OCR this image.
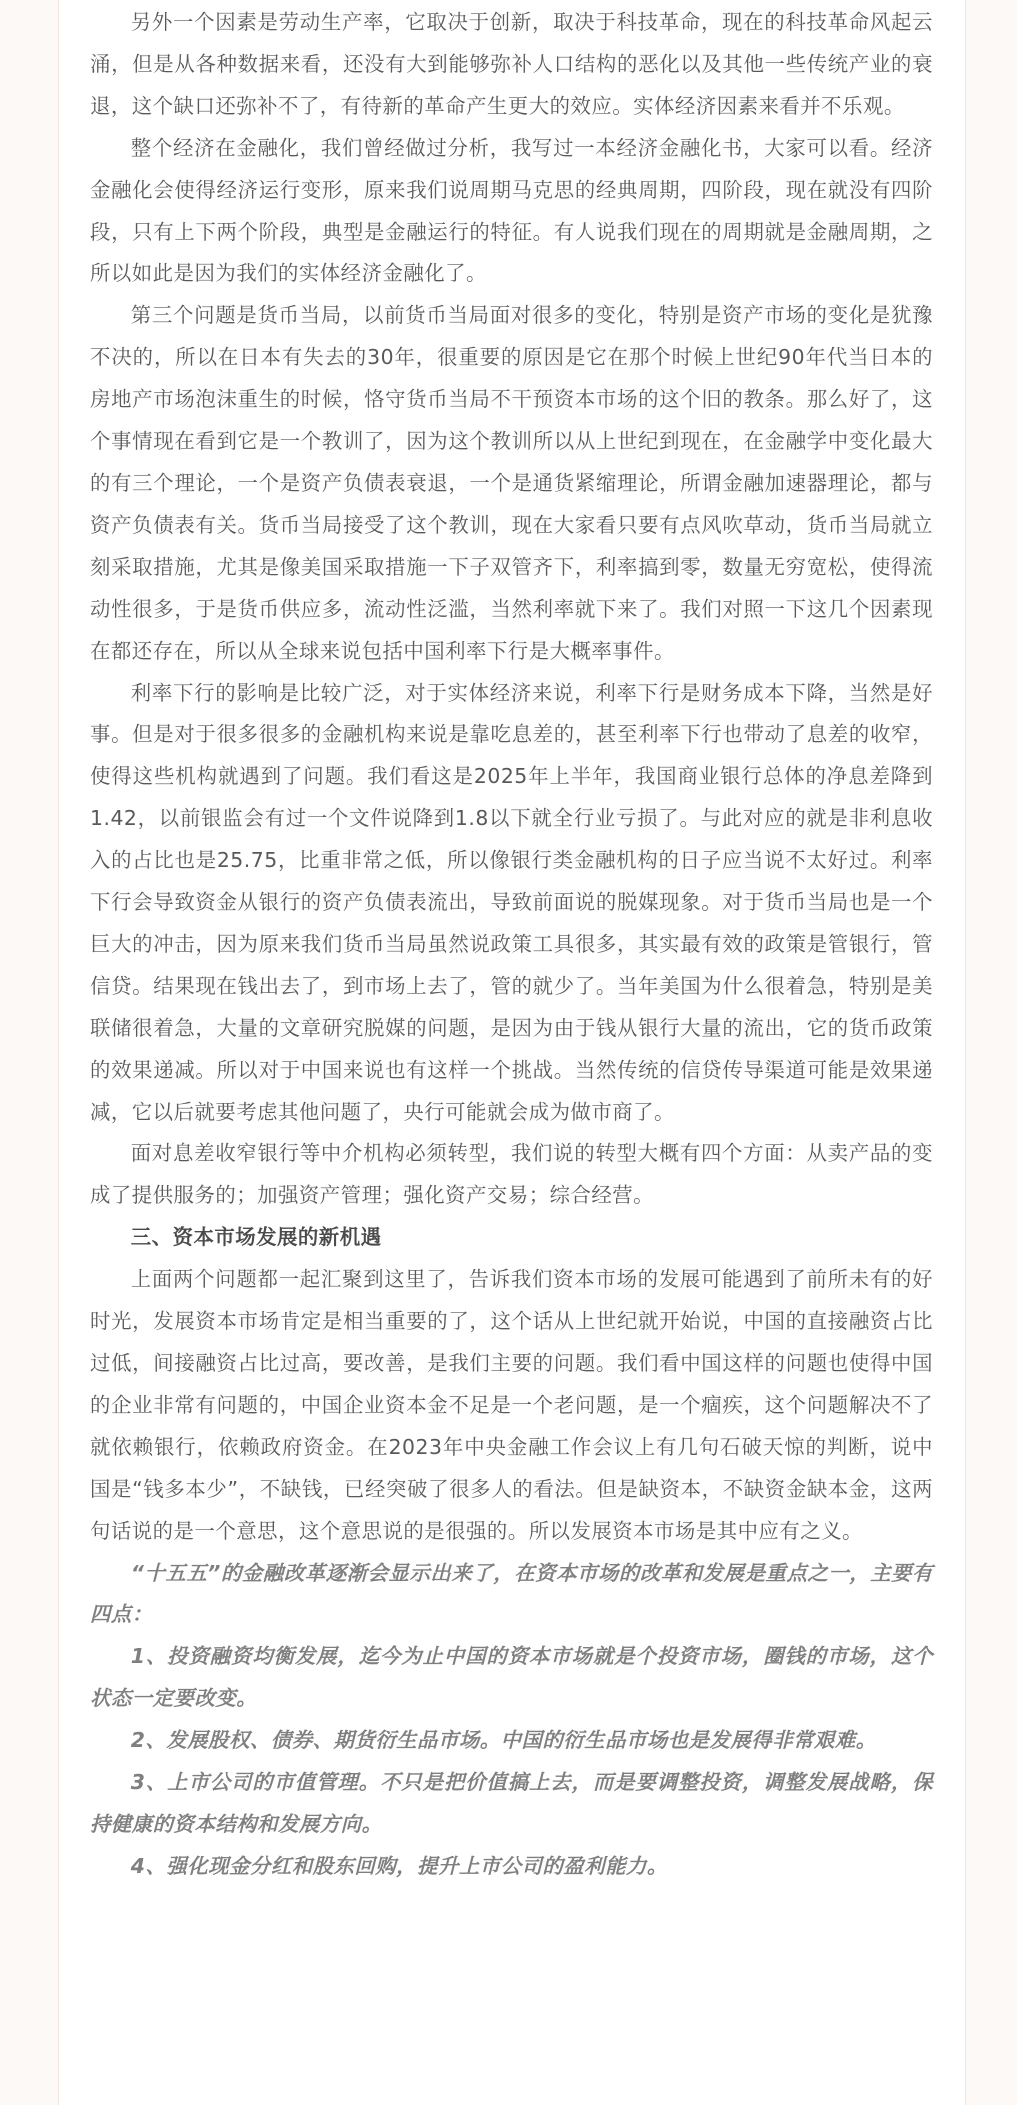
另外一个因素是劳动生产率，它取决于创新，取决于科技革命，现在的科技革命风起云涌，但是从各种数据来看，还没有大到能够弥补人口结构的恶化以及其他一些传统产业的衰退，这个缺口还弥补不了，有待新的革命产生更大的效应。实体经济因素来看并不乐观。

整个经济在金融化，我们曾经做过分析，我写过一本经济金融化书，大家可以看。经济金融化会使得经济运行变形，原来我们说周期马克思的经典周期，四阶段，现在就没有四阶段，只有上下两个阶段，典型是金融运行的特征。有人说我们现在的周期就是金融周期，之所以如此是因为我们的实体经济金融化了。

第三个问题是货币当局，以前货币当局面对很多的变化，特别是资产市场的变化是犹豫不决的，所以在日本有失去的30年，很重要的原因是它在那个时候上世纪90年代当日本的房地产市场泡沫重生的时候，恪守货币当局不干预资本市场的这个旧的教条。那么好了，这个事情现在看到它是一个教训了，因为这个教训所以从上世纪到现在，在金融学中变化最大的有三个理论，一个是资产负债表衰退，一个是通货紧缩理论，所谓金融加速器理论，都与资产负债表有关。货币当局接受了这个教训，现在大家看只要有点风吹草动，货币当局就立刻采取措施，尤其是像美国采取措施一下子双管齐下，利率搞到零，数量无穷宽松，使得流动性很多，于是货币供应多，流动性泛滥，当然利率就下来了。我们对照一下这几个因素现在都还存在，所以从全球来说包括中国利率下行是大概率事件。

利率下行的影响是比较广泛，对于实体经济来说，利率下行是财务成本下降，当然是好事。但是对于很多很多的金融机构来说是靠吃息差的，甚至利率下行也带动了息差的收窄，使得这些机构就遇到了问题。我们看这是2025年上半年，我国商业银行总体的净息差降到1.42，以前银监会有过一个文件说降到1.8以下就全行业亏损了。与此对应的就是非利息收入的占比也是25.75，比重非常之低，所以像银行类金融机构的日子应当说不太好过。利率下行会导致资金从银行的资产负债表流出，导致前面说的脱媒现象。对于货币当局也是一个巨大的冲击，因为原来我们货币当局虽然说政策工具很多，其实最有效的政策是管银行，管信贷。结果现在钱出去了，到市场上去了，管的就少了。当年美国为什么很着急，特别是美联储很着急，大量的文章研究脱媒的问题，是因为由于钱从银行大量的流出，它的货币政策的效果递减。所以对于中国来说也有这样一个挑战。当然传统的信贷传导渠道可能是效果递减，它以后就要考虑其他问题了，央行可能就会成为做市商了。

面对息差收窄银行等中介机构必须转型，我们说的转型大概有四个方面：从卖产品的变成了提供服务的；加强资产管理；强化资产交易；综合经营。

三、资本市场发展的新机遇

上面两个问题都一起汇聚到这里了，告诉我们资本市场的发展可能遇到了前所未有的好时光，发展资本市场肯定是相当重要的了，这个话从上世纪就开始说，中国的直接融资占比过低，间接融资占比过高，要改善，是我们主要的问题。我们看中国这样的问题也使得中国的企业非常有问题的，中国企业资本金不足是一个老问题，是一个痼疾，这个问题解决不了就依赖银行，依赖政府资金。在2023年中央金融工作会议上有几句石破天惊的判断，说中国是“钱多本少”，不缺钱，已经突破了很多人的看法。但是缺资本，不缺资金缺本金，这两句话说的是一个意思，这个意思说的是很强的。所以发展资本市场是其中应有之义。

“十五五”的金融改革逐渐会显示出来了，在资本市场的改革和发展是重点之一，主要有四点：

1、投资融资均衡发展，迄今为止中国的资本市场就是个投资市场，圈钱的市场，这个状态一定要改变。

2、发展股权、债券、期货衍生品市场。中国的衍生品市场也是发展得非常艰难。

3、上市公司的市值管理。不只是把价值搞上去，而是要调整投资，调整发展战略，保持健康的资本结构和发展方向。

4、强化现金分红和股东回购，提升上市公司的盈利能力。
